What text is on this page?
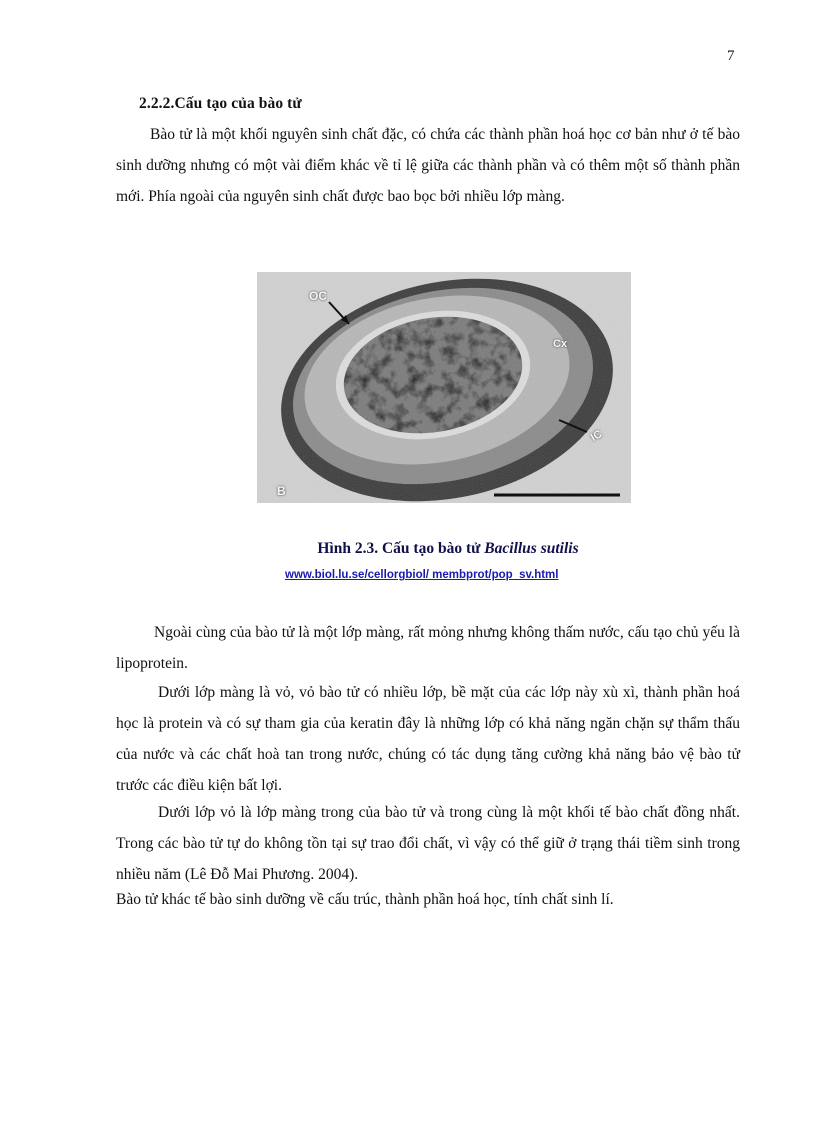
7
2.2.2.Cấu tạo của bào tử

Bào tử là một khối nguyên sinh chất đặc, có chứa các thành phần hoá học cơ bản như ở tế bào sinh dưỡng nhưng có một vài điểm khác về tỉ lệ giữa các thành phần và có thêm một số thành phần mới. Phía ngoài của nguyên sinh chất được bao bọc bởi nhiều lớp màng.

OC
Cx
IC
B
Hình 2.3. Cấu tạo bào tử Bacillus sutilis
www.biol.lu.se/cellorgbiol/ membprot/pop_sv.html

Ngoài cùng của bào tử là một lớp màng, rất mỏng nhưng không thấm nước, cấu tạo chủ yếu là lipoprotein.

Dưới lớp màng là vỏ, vỏ bào tử có nhiều lớp, bề mặt của các lớp này xù xì, thành phần hoá học là protein và có sự tham gia của keratin đây là những lớp có khả năng ngăn chặn sự thẩm thấu của nước và các chất hoà tan trong nước, chúng có tác dụng tăng cường khả năng bảo vệ bào tử trước các điều kiện bất lợi.

Dưới lớp vỏ là lớp màng trong của bào tử và trong cùng là một khối tế bào chất đồng nhất. Trong các bào tử tự do không tồn tại sự trao đổi chất, vì vậy có thể giữ ở trạng thái tiềm sinh trong nhiều năm (Lê Đỗ Mai Phương. 2004).

Bào tử khác tế bào sinh dưỡng về cấu trúc, thành phần hoá học, tính chất sinh lí.
